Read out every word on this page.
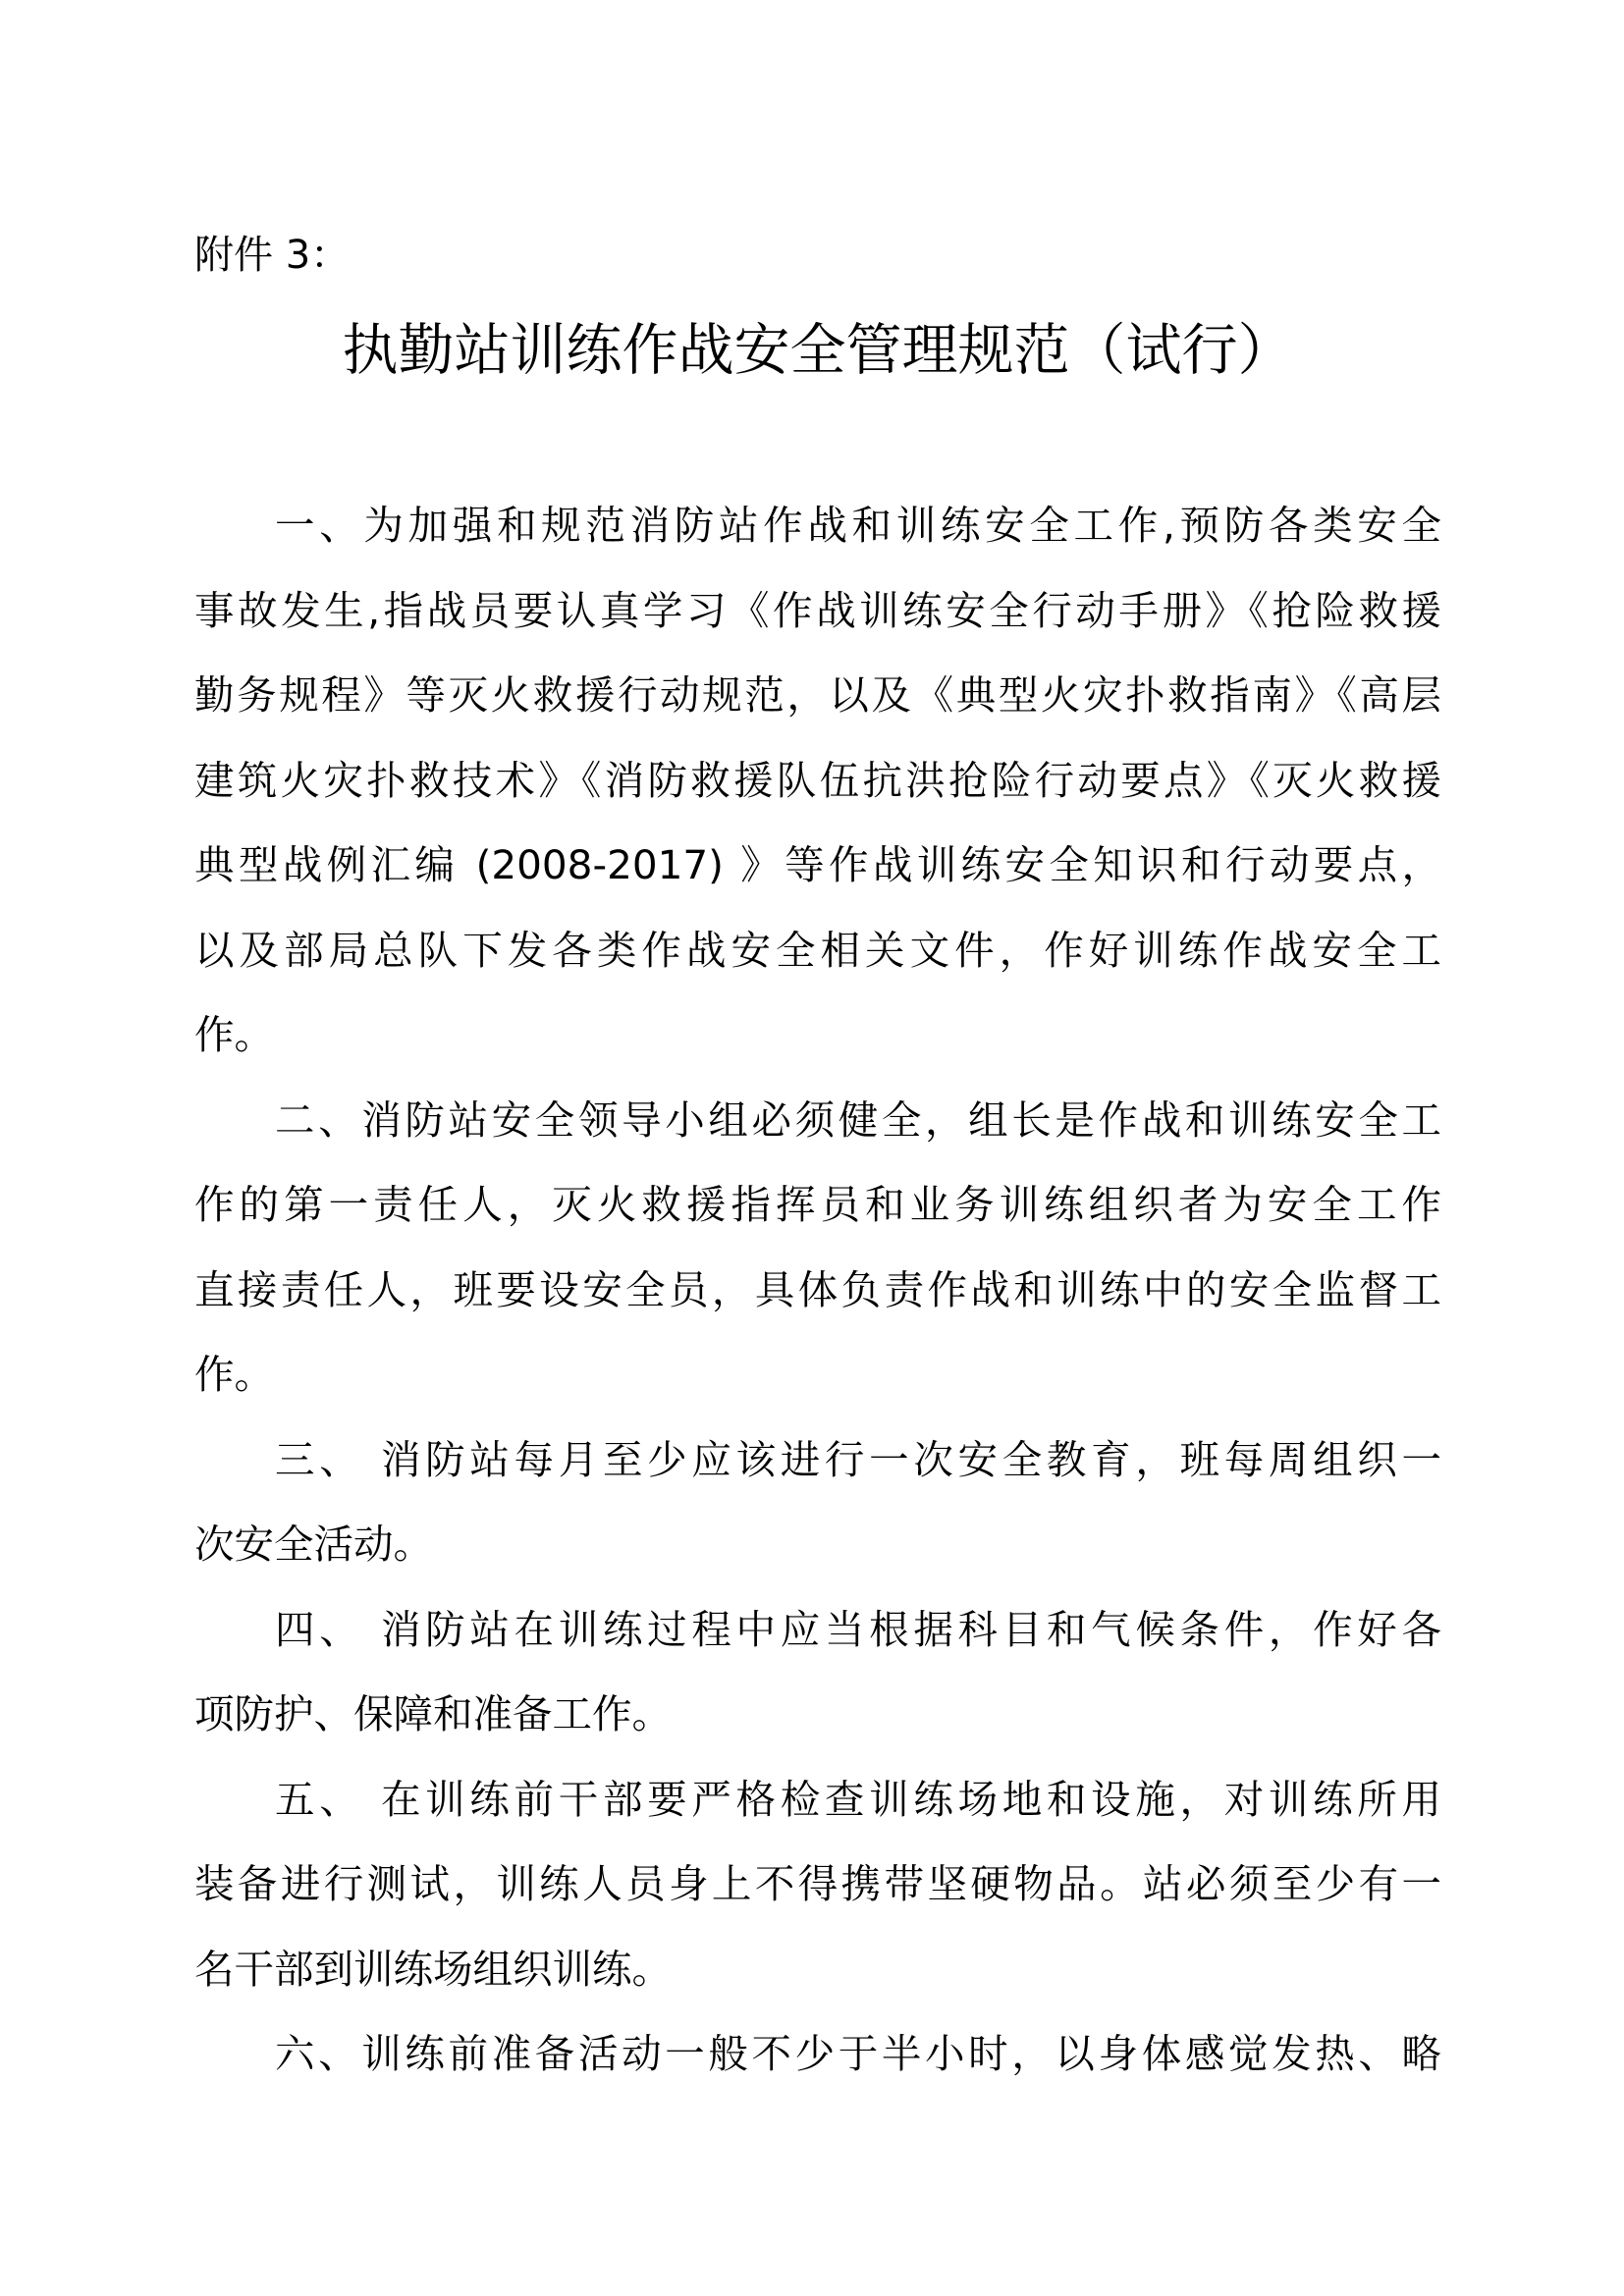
附件 3：
执勤站训练作战安全管理规范（试行）
一、为加强和规范消防站作战和训练安全工作,预防各类安全
事故发生,指战员要认真学习《作战训练安全行动手册》《抢险救援
勤务规程》等灭火救援行动规范，以及《典型火灾扑救指南》《高层
建筑火灾扑救技术》《消防救援队伍抗洪抢险行动要点》《灭火救援
典型战例汇编 (2008-2017) 》等作战训练安全知识和行动要点，
以及部局总队下发各类作战安全相关文件，作好训练作战安全工
作。
二、消防站安全领导小组必须健全，组长是作战和训练安全工
作的第一责任人，灭火救援指挥员和业务训练组织者为安全工作
直接责任人，班要设安全员，具体负责作战和训练中的安全监督工
作。
三、 消防站每月至少应该进行一次安全教育，班每周组织一
次安全活动。
四、 消防站在训练过程中应当根据科目和气候条件，作好各
项防护、保障和准备工作。
五、 在训练前干部要严格检查训练场地和设施，对训练所用
装备进行测试，训练人员身上不得携带坚硬物品。站必须至少有一
名干部到训练场组织训练。
六、训练前准备活动一般不少于半小时，以身体感觉发热、略
